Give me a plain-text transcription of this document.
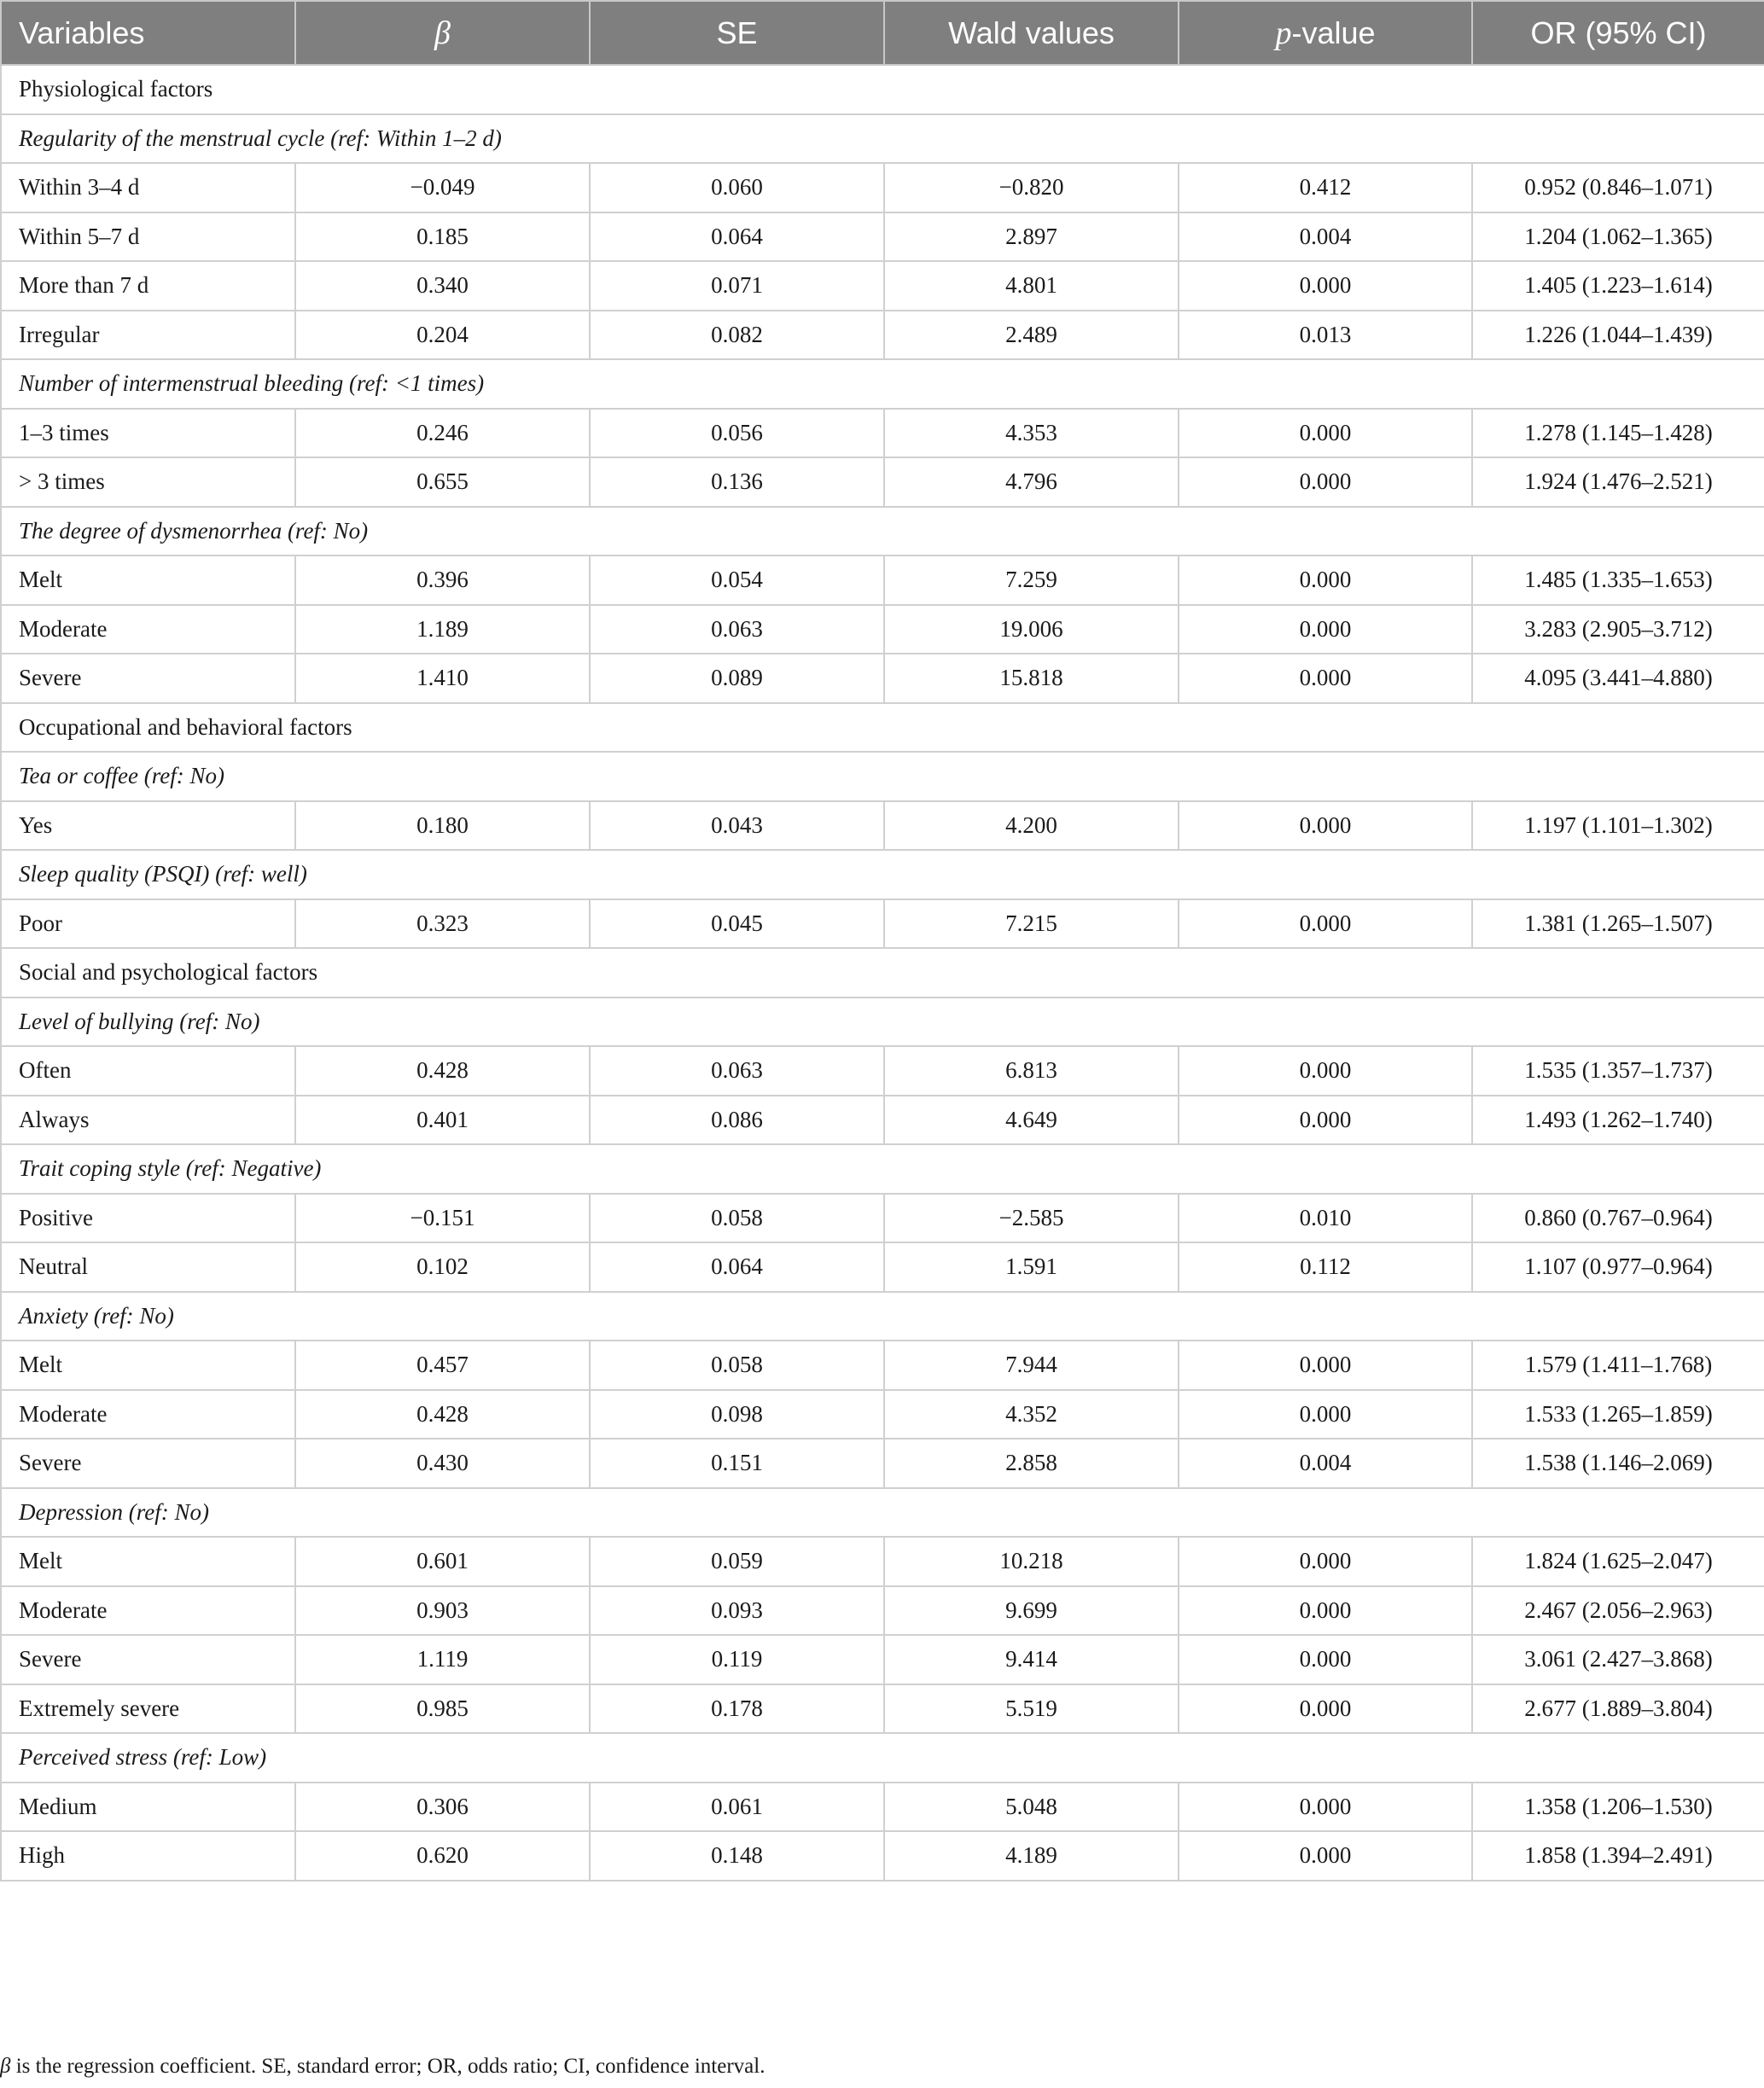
Variables	β	SE	Wald values	p-value	OR (95% CI)
Physiological factors					
Regularity of the menstrual cycle (ref: Within 1–2 d)					
Within 3–4 d	−0.049	0.060	−0.820	0.412	0.952 (0.846–1.071)
Within 5–7 d	0.185	0.064	2.897	0.004	1.204 (1.062–1.365)
More than 7 d	0.340	0.071	4.801	0.000	1.405 (1.223–1.614)
Irregular	0.204	0.082	2.489	0.013	1.226 (1.044–1.439)
Number of intermenstrual bleeding (ref: <1 times)					
1–3 times	0.246	0.056	4.353	0.000	1.278 (1.145–1.428)
> 3 times	0.655	0.136	4.796	0.000	1.924 (1.476–2.521)
The degree of dysmenorrhea (ref: No)					
Melt	0.396	0.054	7.259	0.000	1.485 (1.335–1.653)
Moderate	1.189	0.063	19.006	0.000	3.283 (2.905–3.712)
Severe	1.410	0.089	15.818	0.000	4.095 (3.441–4.880)
Occupational and behavioral factors					
Tea or coffee (ref: No)					
Yes	0.180	0.043	4.200	0.000	1.197 (1.101–1.302)
Sleep quality (PSQI) (ref: well)					
Poor	0.323	0.045	7.215	0.000	1.381 (1.265–1.507)
Social and psychological factors					
Level of bullying (ref: No)					
Often	0.428	0.063	6.813	0.000	1.535 (1.357–1.737)
Always	0.401	0.086	4.649	0.000	1.493 (1.262–1.740)
Trait coping style (ref: Negative)					
Positive	−0.151	0.058	−2.585	0.010	0.860 (0.767–0.964)
Neutral	0.102	0.064	1.591	0.112	1.107 (0.977–0.964)
Anxiety (ref: No)					
Melt	0.457	0.058	7.944	0.000	1.579 (1.411–1.768)
Moderate	0.428	0.098	4.352	0.000	1.533 (1.265–1.859)
Severe	0.430	0.151	2.858	0.004	1.538 (1.146–2.069)
Depression (ref: No)					
Melt	0.601	0.059	10.218	0.000	1.824 (1.625–2.047)
Moderate	0.903	0.093	9.699	0.000	2.467 (2.056–2.963)
Severe	1.119	0.119	9.414	0.000	3.061 (2.427–3.868)
Extremely severe	0.985	0.178	5.519	0.000	2.677 (1.889–3.804)
Perceived stress (ref: Low)					
Medium	0.306	0.061	5.048	0.000	1.358 (1.206–1.530)
High	0.620	0.148	4.189	0.000	1.858 (1.394–2.491)
β is the regression coefficient. SE, standard error; OR, odds ratio; CI, confidence interval.
